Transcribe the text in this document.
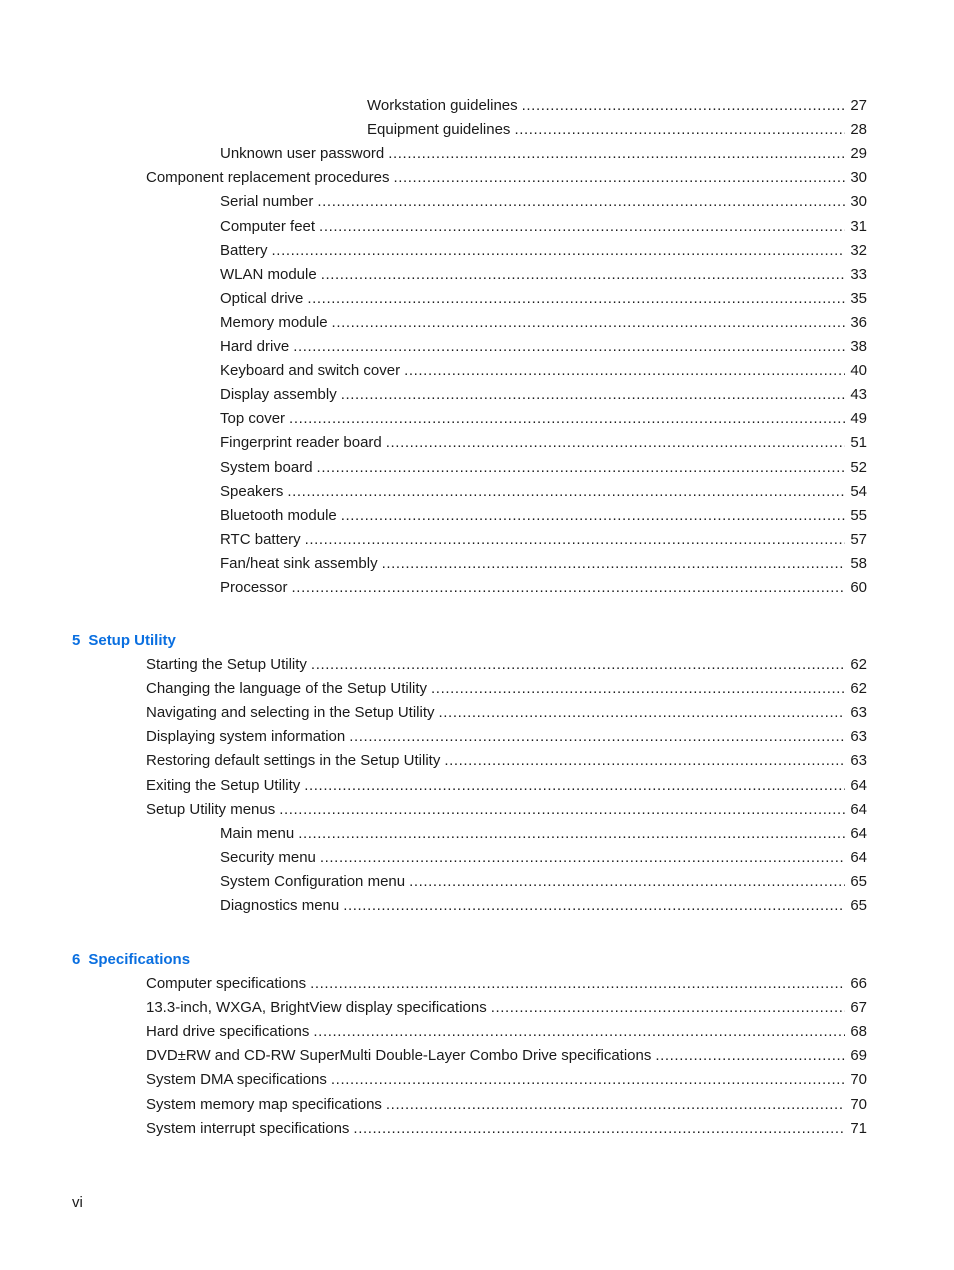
Workstation guidelines .....	27
Equipment guidelines .....	28
Unknown user password .....	29
Component replacement procedures .....	30
Serial number .....	30
Computer feet .....	31
Battery .....	32
WLAN module .....	33
Optical drive .....	35
Memory module .....	36
Hard drive .....	38
Keyboard and switch cover .....	40
Display assembly .....	43
Top cover .....	49
Fingerprint reader board .....	51
System board .....	52
Speakers .....	54
Bluetooth module .....	55
RTC battery .....	57
Fan/heat sink assembly .....	58
Processor .....	60
5 Setup Utility
Starting the Setup Utility .....	62
Changing the language of the Setup Utility .....	62
Navigating and selecting in the Setup Utility .....	63
Displaying system information .....	63
Restoring default settings in the Setup Utility .....	63
Exiting the Setup Utility .....	64
Setup Utility menus .....	64
Main menu .....	64
Security menu .....	64
System Configuration menu .....	65
Diagnostics menu .....	65
6 Specifications
Computer specifications .....	66
13.3-inch, WXGA, BrightView display specifications .....	67
Hard drive specifications .....	68
DVD±RW and CD-RW SuperMulti Double-Layer Combo Drive specifications .....	69
System DMA specifications .....	70
System memory map specifications .....	70
System interrupt specifications .....	71
vi
